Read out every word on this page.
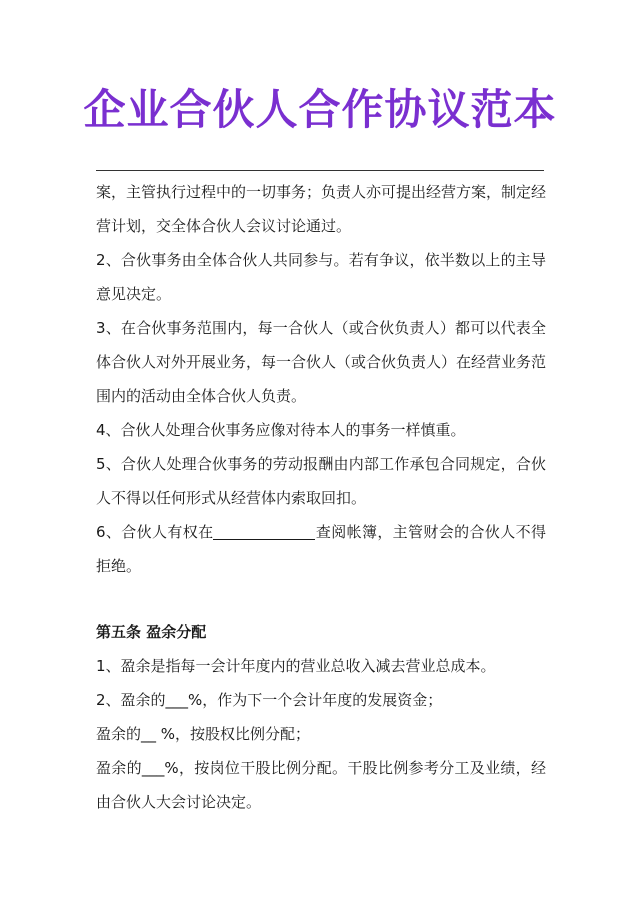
企业合伙人合作协议范本

案，主管执行过程中的一切事务；负责人亦可提出经营方案，制定经营计划，交全体合伙人会议讨论通过。

2、合伙事务由全体合伙人共同参与。若有争议，依半数以上的主导意见决定。

3、在合伙事务范围内，每一合伙人（或合伙负责人）都可以代表全体合伙人对外开展业务，每一合伙人（或合伙负责人）在经营业务范围内的活动由全体合伙人负责。

4、合伙人处理合伙事务应像对待本人的事务一样慎重。

5、合伙人处理合伙事务的劳动报酬由内部工作承包合同规定，合伙人不得以任何形式从经营体内索取回扣。

6、合伙人有权在	查阅帐簿，主管财会的合伙人不得拒绝。

第五条 盈余分配

1、盈余是指每一会计年度内的营业总收入减去营业总成本。

2、盈余的___%，作为下一个会计年度的发展资金；

盈余的__ %，按股权比例分配；

盈余的___%，按岗位干股比例分配。干股比例参考分工及业绩，经由合伙人大会讨论决定。
